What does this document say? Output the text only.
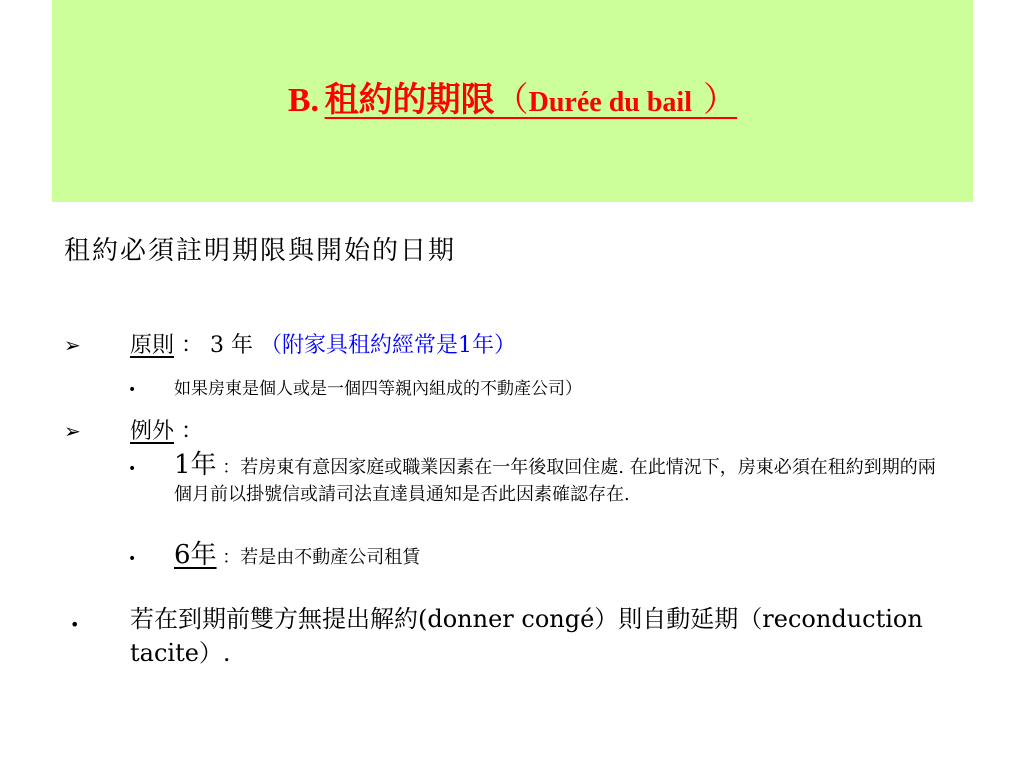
B. 租約的期限（Durée du bail ）
租約必須註明期限與開始的日期
➢ 原則 ： 3 年 （附家具租約經常是1年）
• 如果房東是個人或是一個四等親內組成的不動產公司）
➢ 例外 ：
•	1年 ：若房東有意因家庭或職業因素在一年後取回住處. 在此情況下，房東必須在租約到期的兩個月前以掛號信或請司法直達員通知是否此因素確認存在.
•	6年 ：若是由不動產公司租賃
•	若在到期前雙方無提出解約(donner congé）則自動延期（reconduction tacite）.
